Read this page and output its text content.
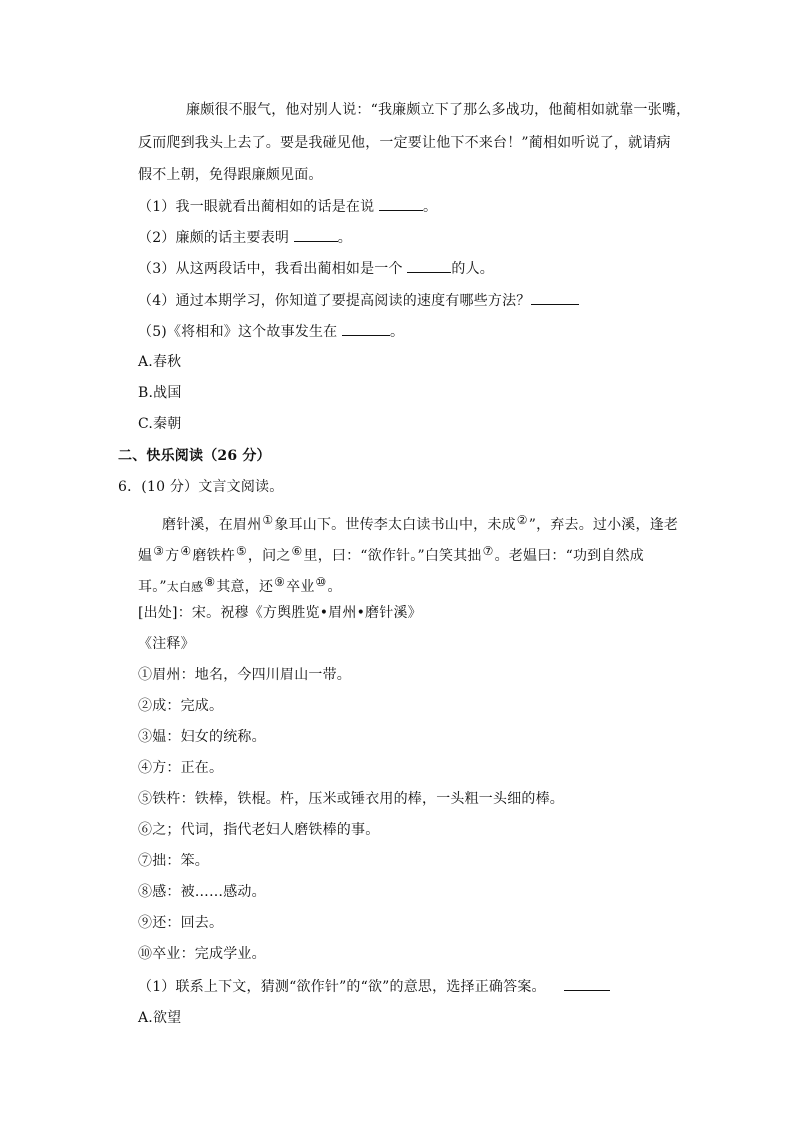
廉颇很不服气，他对别人说：“我廉颇立下了那么多战功，他蔺相如就靠一张嘴，
反而爬到我头上去了。要是我碰见他，一定要让他下不来台！”蔺相如听说了，就请病
假不上朝，免得跟廉颇见面。
（1）我一眼就看出蔺相如的话是在说	。
（2）廉颇的话主要表明	。
（3）从这两段话中，我看出蔺相如是一个	的人。
（4）通过本期学习，你知道了要提高阅读的速度有哪些方法？
（5)《将相和》这个故事发生在	。
A.春秋
B.战国
C.秦朝
二、快乐阅读（26 分）
6．(10 分）文言文阅读。
磨针溪，在眉州①象耳山下。世传李太白读书山中，未成②”，弃去。过小溪，逢老
媪③方④磨铁杵⑤，问之⑥里，曰：“欲作针。”白笑其拙⑦。老媪曰：“功到自然成
耳。”太白感⑧其意，还⑨卒业⑩。
[出处]：宋。祝穆《方舆胜览•眉州•磨针溪》
《注释》
①眉州：地名，今四川眉山一带。
②成：完成。
③媪：妇女的统称。
④方：正在。
⑤铁杵：铁棒，铁棍。杵，压米或锤衣用的棒，一头粗一头细的棒。
⑥之；代词，指代老妇人磨铁棒的事。
⑦拙：笨。
⑧感：被……感动。
⑨还：回去。
⑩卒业：完成学业。
（1）联系上下文，猜测“欲作针”的“欲”的意思，选择正确答案。
A.欲望
